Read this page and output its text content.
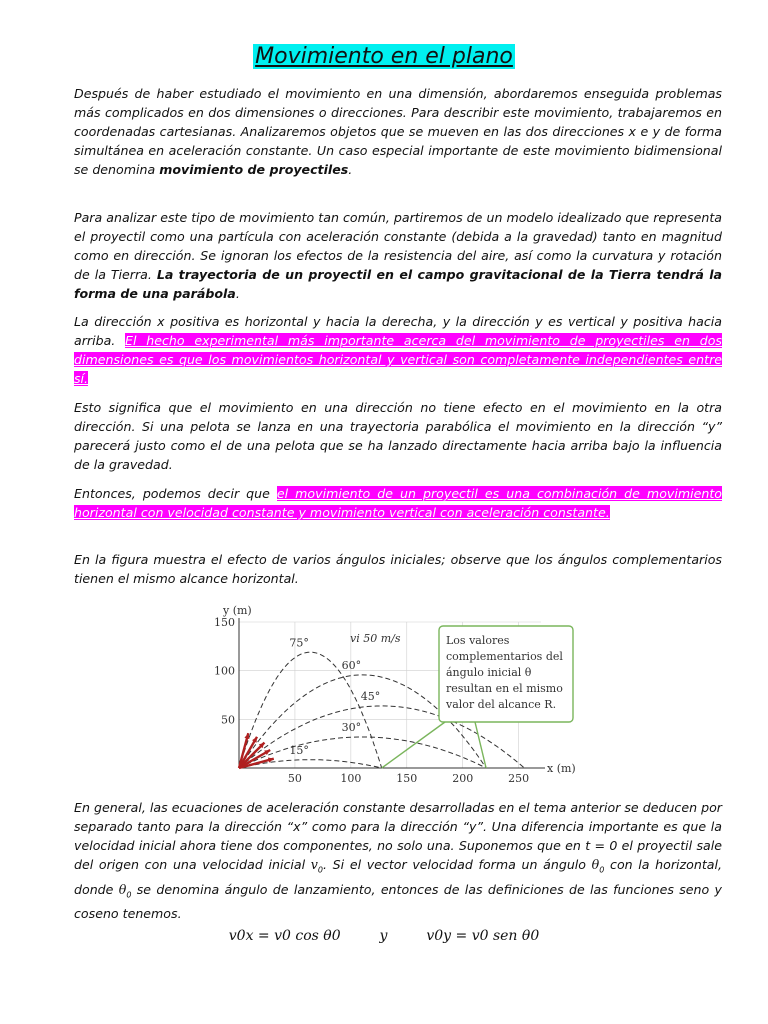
Movimiento en el plano

Después de haber estudiado el movimiento en una dimensión, abordaremos enseguida problemas más complicados en dos dimensiones o direcciones. Para describir este movimiento, trabajaremos en coordenadas cartesianas. Analizaremos objetos que se mueven en las dos direcciones x e y de forma simultánea en aceleración constante. Un caso especial importante de este movimiento bidimensional se denomina movimiento de proyectiles.

Para analizar este tipo de movimiento tan común, partiremos de un modelo idealizado que representa el proyectil como una partícula con aceleración constante (debida a la gravedad) tanto en magnitud como en dirección. Se ignoran los efectos de la resistencia del aire, así como la curvatura y rotación de la Tierra. La trayectoria de un proyectil en el campo gravitacional de la Tierra tendrá la forma de una parábola.

La dirección x positiva es horizontal y hacia la derecha, y la dirección y es vertical y positiva hacia arriba. El hecho experimental más importante acerca del movimiento de proyectiles en dos dimensiones es que los movimientos horizontal y vertical son completamente independientes entre sí.

Esto significa que el movimiento en una dirección no tiene efecto en el movimiento en la otra dirección. Si una pelota se lanza en una trayectoria parabólica el movimiento en la dirección “y” parecerá justo como el de una pelota que se ha lanzado directamente hacia arriba bajo la influencia de la gravedad.

Entonces, podemos decir que el movimiento de un proyectil es una combinación de movimiento horizontal con velocidad constante y movimiento vertical con aceleración constante.

En la figura muestra el efecto de varios ángulos iniciales; observe que los ángulos complementarios tienen el mismo alcance horizontal.

50	100	150	200	250
50
100
150
x (m)
y (m)
vi 50 m/s
75°
60°
45°
30°
15°
Los valores
complementarios del
ángulo inicial θ
resultan en el mismo
valor del alcance R.

En general, las ecuaciones de aceleración constante desarrolladas en el tema anterior se deducen por separado tanto para la dirección “x” como para la dirección “y”. Una diferencia importante es que la velocidad inicial ahora tiene dos componentes, no solo una. Suponemos que en t = 0 el proyectil sale del origen con una velocidad inicial $v_0$. Si el vector velocidad forma un ángulo $\theta_0$ con la horizontal, donde $\theta_0$ se denomina ángulo de lanzamiento, entonces de las definiciones de las funciones seno y coseno tenemos.

v0x = v0 cos θ0	y	v0y = v0 sen θ0
